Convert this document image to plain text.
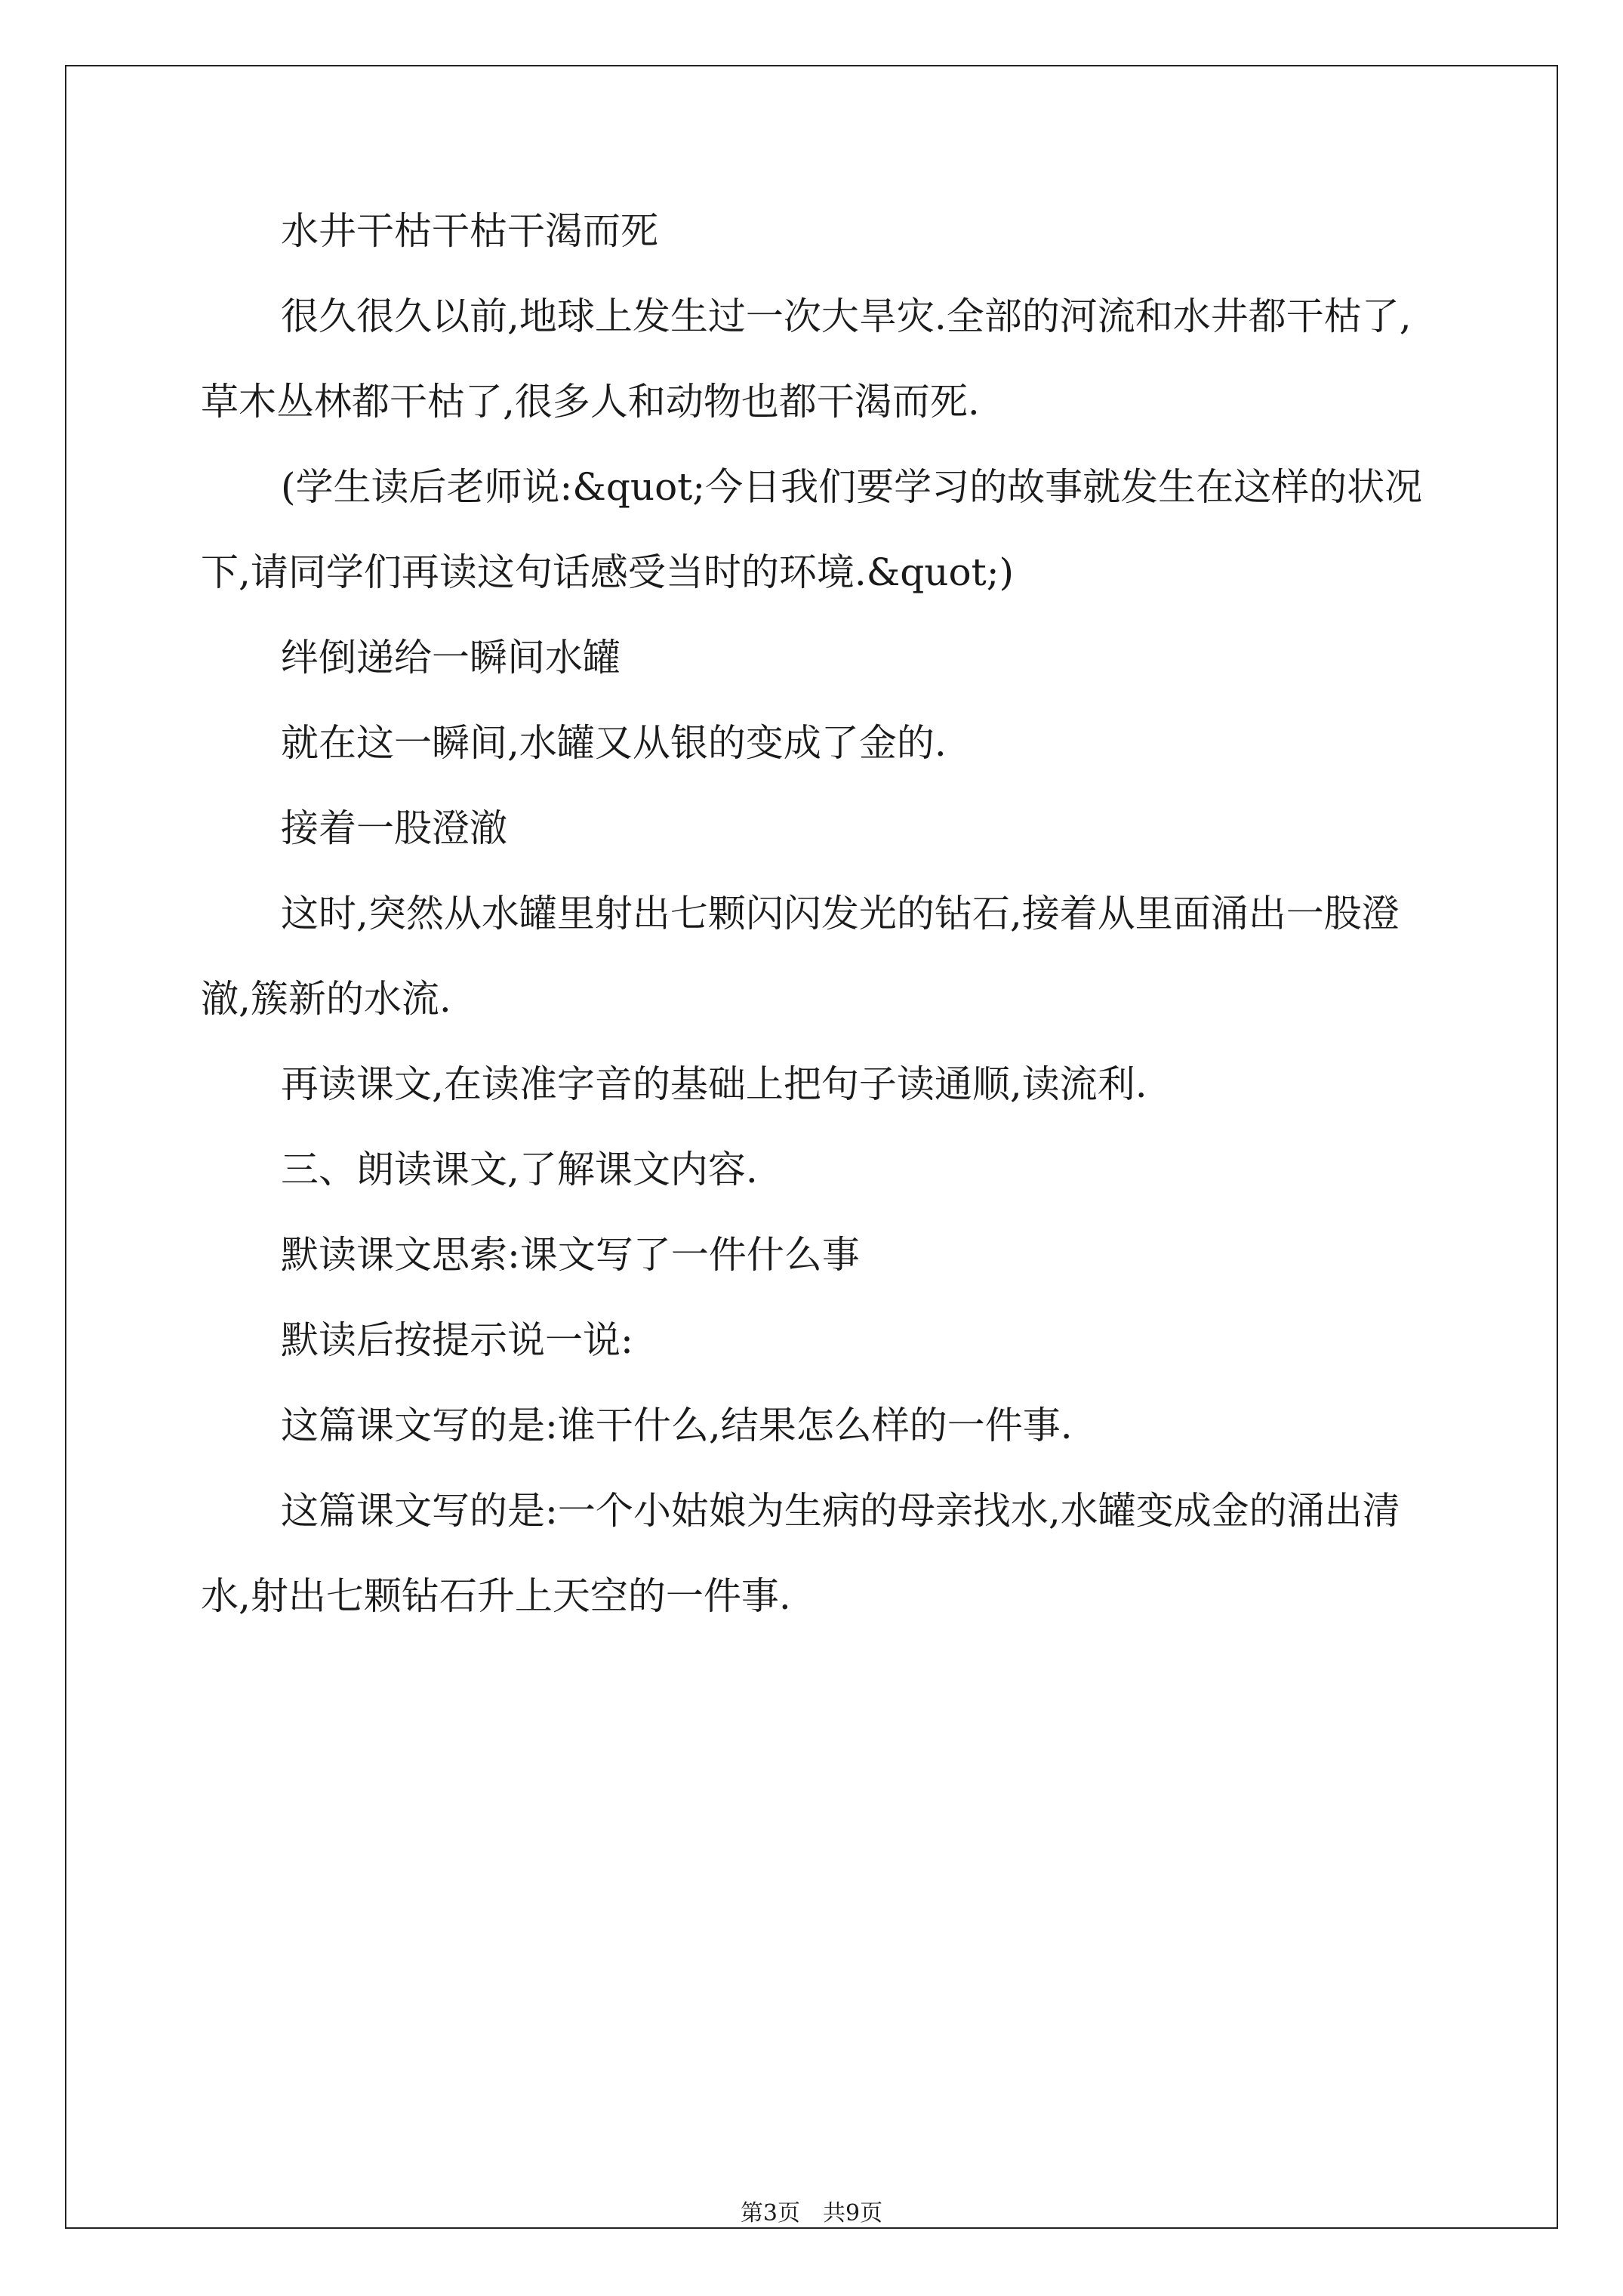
水井干枯干枯干渴而死

很久很久以前,地球上发生过一次大旱灾.全部的河流和水井都干枯了,草木丛林都干枯了,很多人和动物也都干渴而死.

(学生读后老师说:&quot;今日我们要学习的故事就发生在这样的状况下,请同学们再读这句话感受当时的环境.&quot;)

绊倒递给一瞬间水罐

就在这一瞬间,水罐又从银的变成了金的.

接着一股澄澈

这时,突然从水罐里射出七颗闪闪发光的钻石,接着从里面涌出一股澄澈,簇新的水流.

再读课文,在读准字音的基础上把句子读通顺,读流利.

三、朗读课文,了解课文内容.

默读课文思索:课文写了一件什么事

默读后按提示说一说:

这篇课文写的是:谁干什么,结果怎么样的一件事.

这篇课文写的是:一个小姑娘为生病的母亲找水,水罐变成金的涌出清水,射出七颗钻石升上天空的一件事.

第3页　共9页
